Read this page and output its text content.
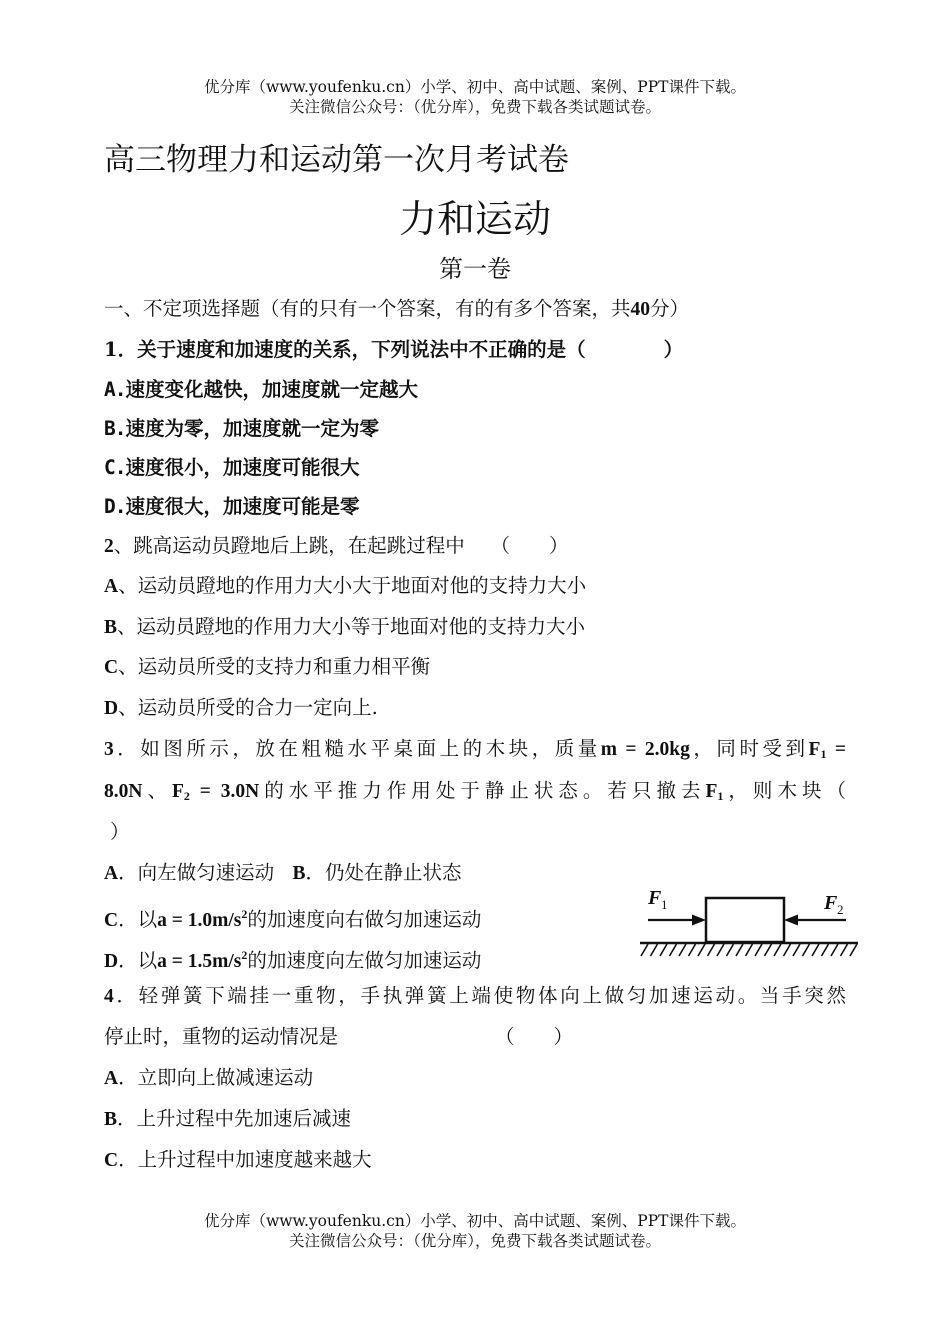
优分库（www.youfenku.cn）小学、初中、高中试题、案例、PPT课件下载。
关注微信公众号：（优分库），免费下载各类试题试卷。
高三物理力和运动第一次月考试卷
力和运动
第一卷
一、不定项选择题（有的只有一个答案，有的有多个答案，共40分）
1．关于速度和加速度的关系，下列说法中不正确的是（　　　　）
A.速度变化越快，加速度就一定越大
B.速度为零，加速度就一定为零
C.速度很小，加速度可能很大
D.速度很大，加速度可能是零
2、跳高运动员蹬地后上跳，在起跳过程中　 （　　）
A、运动员蹬地的作用力大小大于地面对他的支持力大小
B、运动员蹬地的作用力大小等于地面对他的支持力大小
C、运动员所受的支持力和重力相平衡
D、运动员所受的合力一定向上.
3．如图所示，放在粗糙水平桌面上的木块，质量m = 2.0kg，同时受到$F_1$ =
8.0N、$F_2 = 3.0N$的水平推力作用处于静止状态。若只撤去$F_1$，则木块（
）
A．向左做匀速运动 B．仍处在静止状态
C．以$a = 1.0m/s^2$的加速度向右做匀加速运动
D．以$a = 1.5m/s^2$的加速度向左做匀加速运动
F 1	F 2
4．轻弹簧下端挂一重物，手执弹簧上端使物体向上做匀加速运动。当手突然
停止时，重物的运动情况是	（　　）
A．立即向上做减速运动
B．上升过程中先加速后减速
C．上升过程中加速度越来越大
优分库（www.youfenku.cn）小学、初中、高中试题、案例、PPT课件下载。
关注微信公众号：（优分库），免费下载各类试题试卷。
